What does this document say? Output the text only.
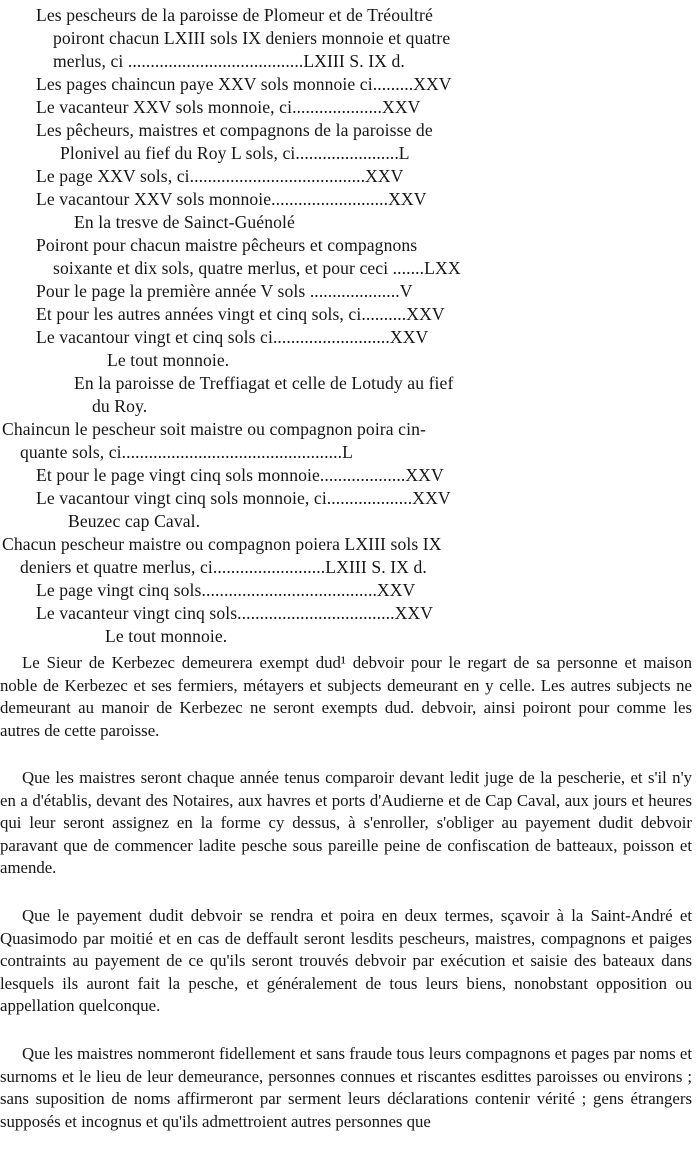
Les pescheurs de la paroisse de Plomeur et de Tréoultré
poiront chacun LXIII sols IX deniers monnoie et quatre
merlus, ci .......................................LXIII S. IX d.
Les pages chaincun paye XXV sols monnoie ci.........XXV
Le vacanteur XXV sols monnoie, ci....................XXV
Les pêcheurs, maistres et compagnons de la paroisse de
Plonivel au fief du Roy L sols, ci.......................L
Le page XXV sols, ci.......................................XXV
Le vacantour XXV sols monnoie..........................XXV
En la tresve de Sainct-Guénolé
Poiront pour chacun maistre pêcheurs et compagnons
soixante et dix sols, quatre merlus, et pour ceci .......LXX
Pour le page la première année V sols ....................V
Et pour les autres années vingt et cinq sols, ci..........XXV
Le vacantour vingt et cinq sols ci..........................XXV
Le tout monnoie.
En la paroisse de Treffiagat et celle de Lotudy au fief
du Roy.
Chaincun le pescheur soit maistre ou compagnon poira cin-
quante sols, ci.................................................L
Et pour le page vingt cinq sols monnoie...................XXV
Le vacantour vingt cinq sols monnoie, ci...................XXV
Beuzec cap Caval.
Chacun pescheur maistre ou compagnon poiera LXIII sols IX
deniers et quatre merlus, ci.........................LXIII S. IX d.
Le page vingt cinq sols.......................................XXV
Le vacanteur vingt cinq sols...................................XXV
Le tout monnoie.

Le Sieur de Kerbezec demeurera exempt dud¹ debvoir pour le regart de sa personne et maison noble de Kerbezec et ses fermiers, métayers et subjects demeurant en y celle. Les autres subjects ne demeurant au manoir de Kerbezec ne seront exempts dud. debvoir, ainsi poiront pour comme les autres de cette paroisse.

Que les maistres seront chaque année tenus comparoir devant ledit juge de la pescherie, et s'il n'y en a d'établis, devant des Notaires, aux havres et ports d'Audierne et de Cap Caval, aux jours et heures qui leur seront assignez en la forme cy dessus, à s'enroller, s'obliger au payement dudit debvoir paravant que de commencer ladite pesche sous pareille peine de confiscation de batteaux, poisson et amende.

Que le payement dudit debvoir se rendra et poira en deux termes, sçavoir à la Saint-André et Quasimodo par moitié et en cas de deffault seront lesdits pescheurs, maistres, compagnons et paiges contraints au payement de ce qu'ils seront trouvés debvoir par exécution et saisie des bateaux dans lesquels ils auront fait la pesche, et généralement de tous leurs biens, nonobstant opposition ou appellation quelconque.

Que les maistres nommeront fidellement et sans fraude tous leurs compagnons et pages par noms et surnoms et le lieu de leur demeurance, personnes connues et riscantes esdittes paroisses ou environs ; sans suposition de noms affirmeront par serment leurs déclarations contenir vérité ; gens étrangers supposés et incognus et qu'ils admettroient autres personnes que
